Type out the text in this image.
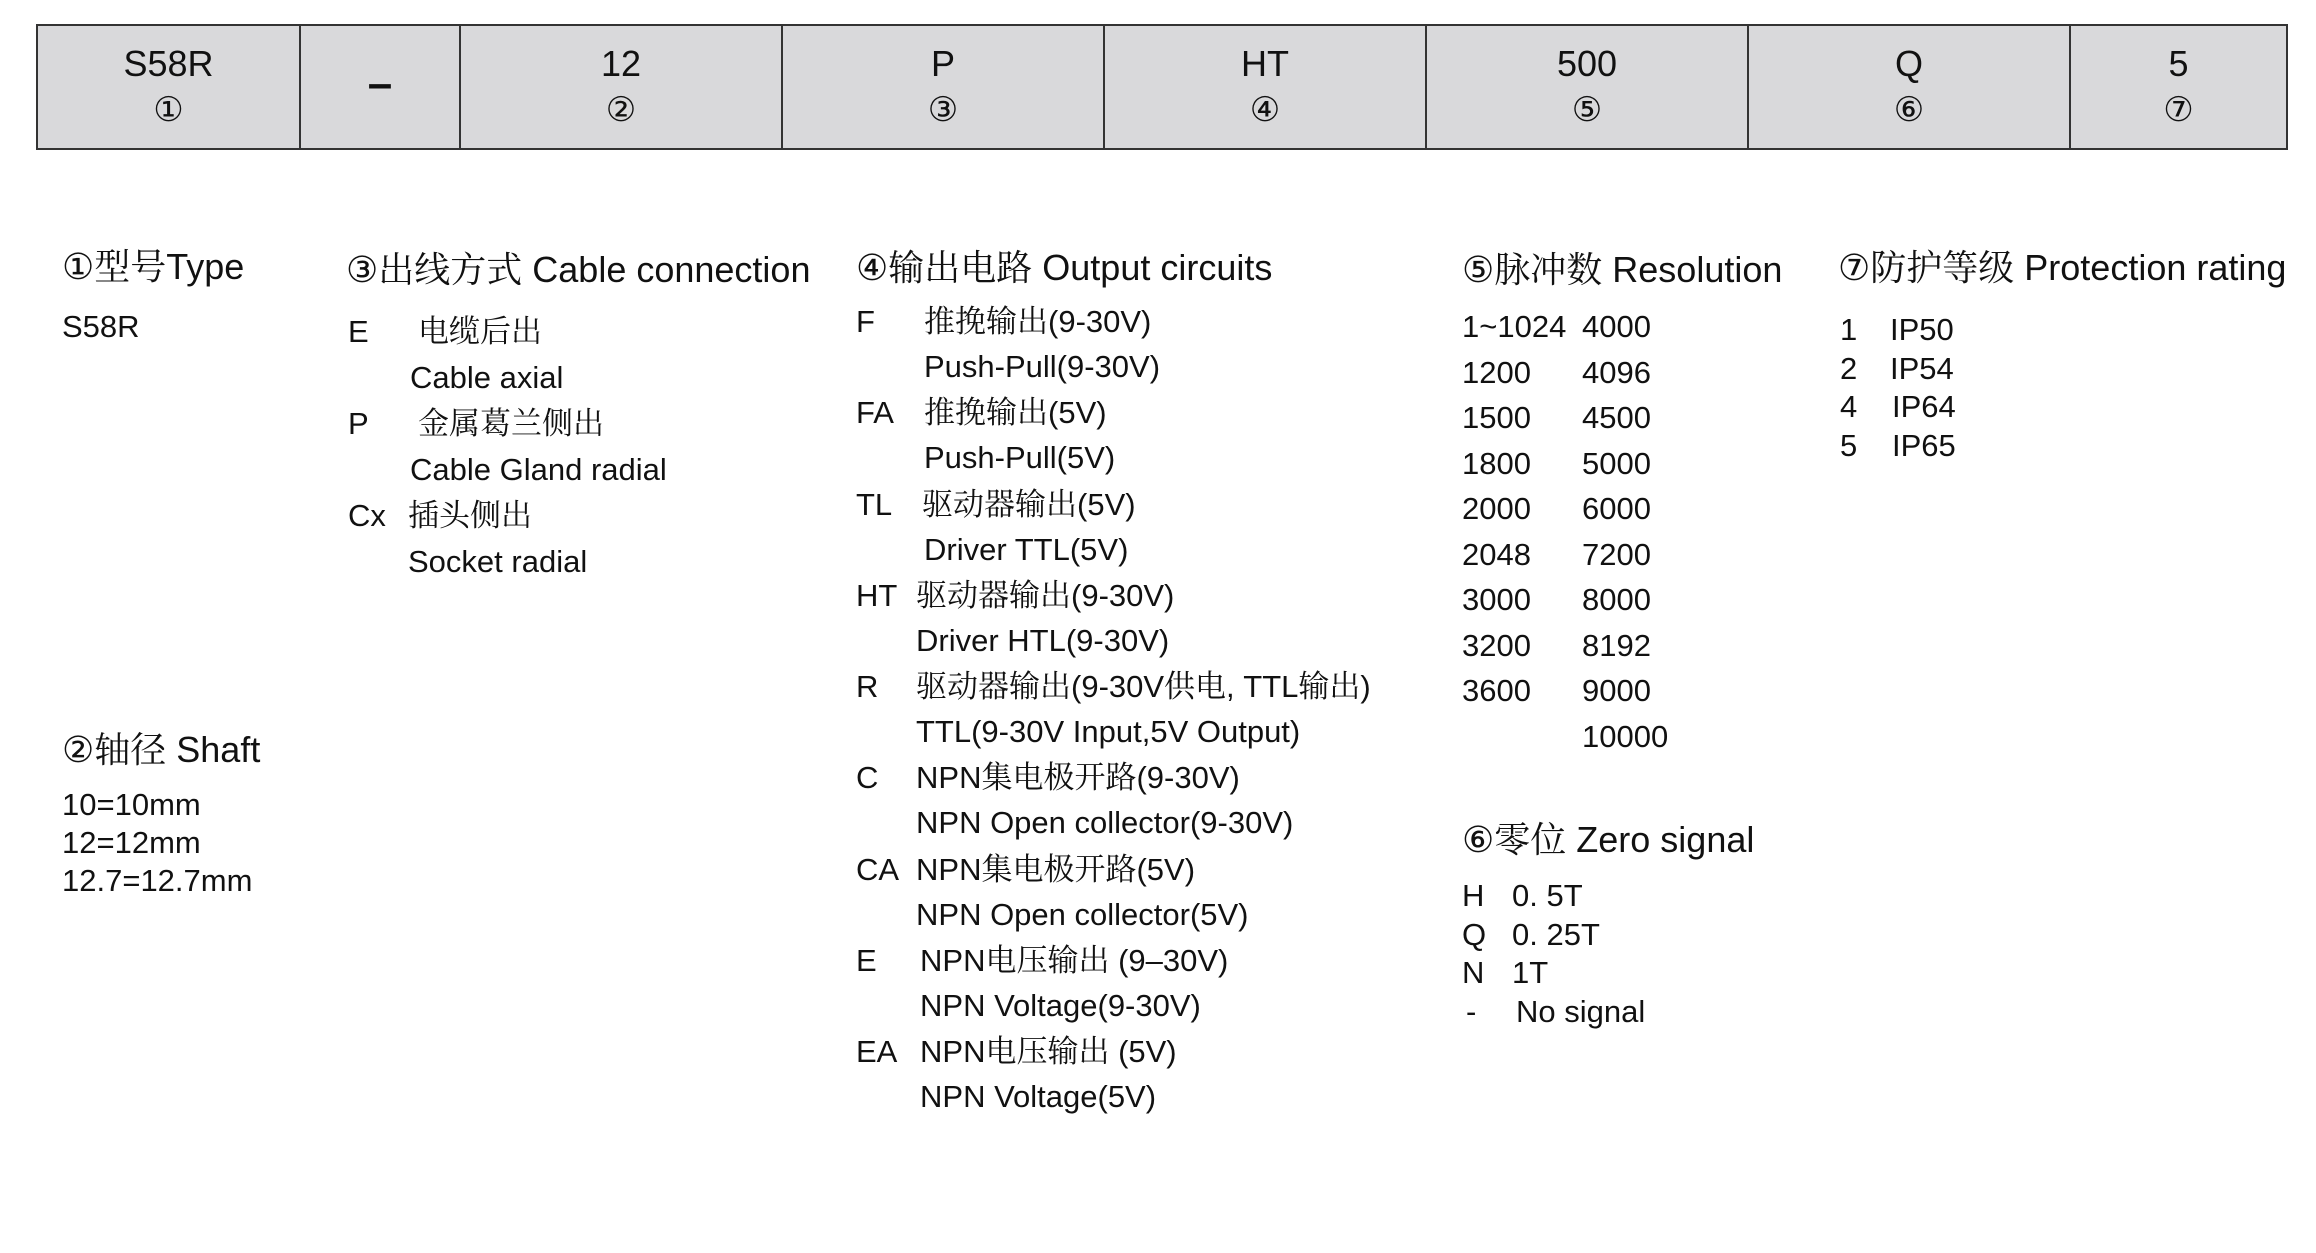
S58R
①
–	12
②
P
③
HT
④
500
⑤
Q
⑥
5
⑦
①型号Type
S58R
②轴径 Shaft
10=10mm
12=12mm
12.7=12.7mm
③出线方式 Cable connection
E 电缆后出
Cable axial
P 金属葛兰侧出
Cable Gland radial
Cx 插头侧出
Socket radial
④输出电路 Output circuits
F 推挽输出(9-30V)
Push-Pull(9-30V)
FA 推挽输出(5V)
Push-Pull(5V)
TL 驱动器输出(5V)
Driver TTL(5V)
HT 驱动器输出(9-30V)
Driver HTL(9-30V)
R 驱动器输出(9-30V供电, TTL输出)
TTL(9-30V Input,5V Output)
C NPN集电极开路(9-30V)
NPN Open collector(9-30V)
CA NPN集电极开路(5V)
NPN Open collector(5V)
E NPN电压输出 (9–30V)
NPN Voltage(9-30V)
EA NPN电压输出 (5V)
NPN Voltage(5V)
⑤脉冲数 Resolution
1~1024
1200
1500
1800
2000
2048
3000
3200
3600
4000
4096
4500
5000
6000
7200
8000
8192
9000
10000
⑥零位 Zero signal
H 0. 5T
Q 0. 25T
N 1T
- No signal
⑦防护等级 Protection rating
1 IP50
2 IP54
4 IP64
5 IP65
